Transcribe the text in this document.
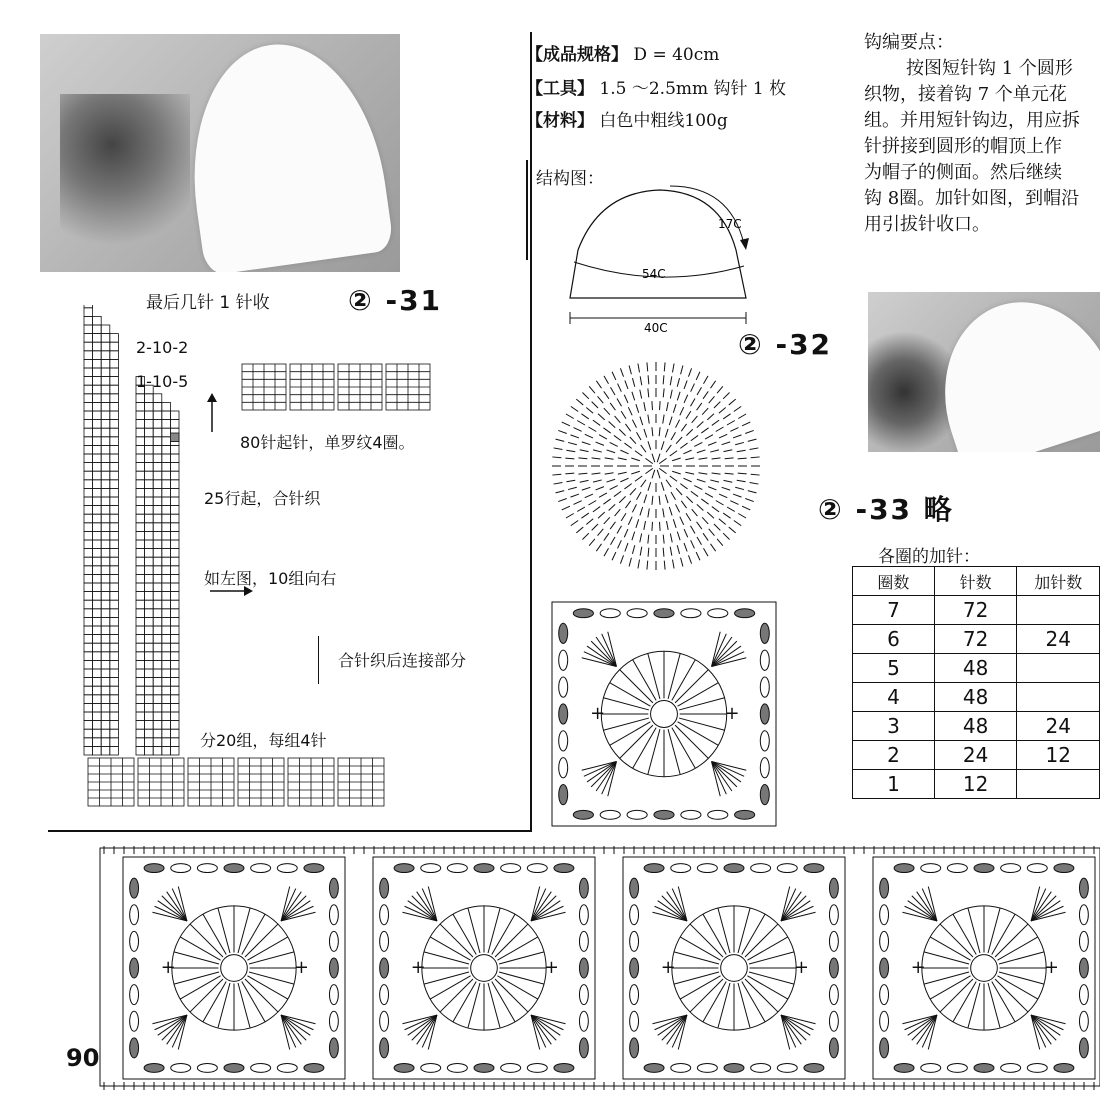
最后几针 1 针收	② -31
2-10-2
1-10-5
80针起针，单罗纹4圈。
25行起，合针织
如左图，10组向右
合针织后连接部分
分20组，每组4针
【成品规格】 D = 40cm
【工具】 1.5 ～2.5mm 钩针 1 枚
【材料】 白色中粗线100g
结构图：
17C
54C
40C	② -32
+	+
钩编要点：
按图短针钩 1 个圆形
织物，接着钩 7 个单元花
组。并用短针钩边，用应拆
针拼接到圆形的帽顶上作
为帽子的侧面。然后继续
钩 8圈。加针如图，到帽沿
用引拔针收口。
② -33 略
各圈的加针：
圈数	针数	加针数
7	72	
6	72	24
5	48	
4	48	
3	48	24
2	24	12
1	12	
+	+	+	+	+	+	+	+
90
